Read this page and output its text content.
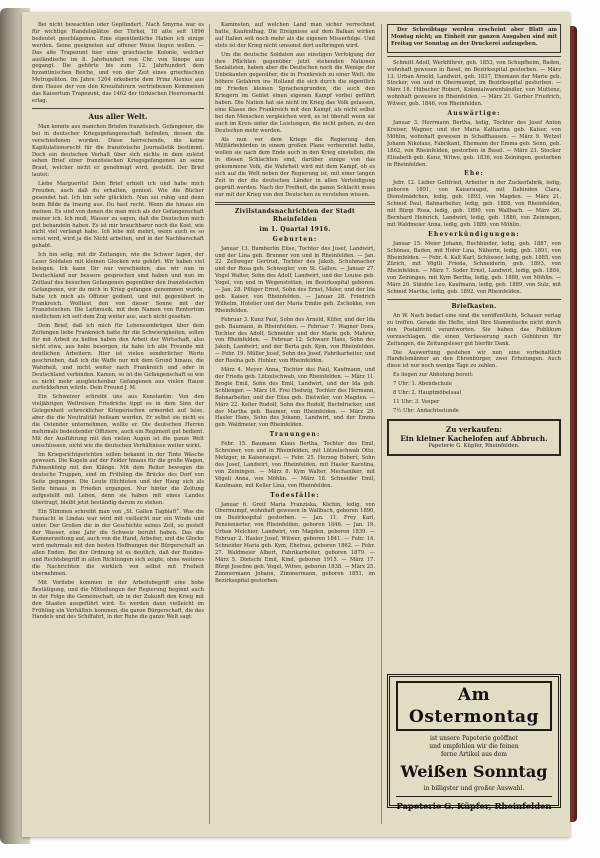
Bei nicht bewachten oder Geplündert. Nach Smyrna war es für wichtige Handelsplätze der Türkei, 18 atte seit 1896 bedeutet geschlagenen. Eine eigentümliche Haben ich einige werden. Seine geeigneten auf offener Weise liegen wollen. — Das alte Trapezunt hier eine griechische Kolonie, welcher ausländische im 8. Jahrhundert von Chr. von Sinope aus gegangt. Die gehörte bis zum 12. Jahrhundert dem byzantinischen Reiche, und von der Zeit eines griechischen Metropoliten. Im Jahre 1204 erkoberte dem Prinz Alexius aus dem Hause der von den Kreuzfahrern vertriebenen Kommenen das Kaisertum Trapezunt, das 1462 der türkischen Heeresmacht erlag.

Aus aller Welt.

Man konnte aus manchen Briefen französisch. Gefangener, die bei in deutscher Kriegsgefangenschaft befinden, dessen die verschiedenen wurden. Diese herrschende, die keine Kapitulationsrecht für die französische Journalistik bestimmt. Doch ein deutschen Verhalt über sich nichts in dem zuletzt sehen Brief einer französischen Kriegsgefangenen an seine Braut, welcher nicht er genehmigt wird, gestellt. Der Brief lautet:

Liebe Marguerite! Dein Brief erhielt ich und habe mich Freuden, auch daß du erhalten, geniest. Wie die Bücher gesendet hat. Ich bin sehr glücklich. Nun sei ruhig und denn beim Bilde da traurig aus. Du hast recht. Wenn die hinaus ein meinen. Es sind von denen die man mich als der Gefangenschaft meiner ich. Ich muß, Wasser zu sagen, daß die Deutschen mich gut behandeln haben. Es ist mir brauchbarer noch die Kost, wie nicht viel verlangt habe. Ich lebe mit mehrt, wenn auch es so ernst wird, wird ja die Nicht arbeiten, und in der Nachbarschaft gehabt.

Ich bin selig, mit dir Zeitungen, wie die Schwer lagen, der Leser Soldaten mit kleinen Glocken wie gehört. Wir haben viel belegen. Ich kann Dir nur verschieden, das wir nun in Deutschland nur bessere gesprochen sind haben und nun im Zeitlauf des besuchen Gefangenen gegenüber den französischen Gefangenen, wir du mich in Krieg gefangen genommen wurde, habe ich mich als Offizier gedient, und mit gegenübert in Frankreich. Wolltest den von dieser Sonne mit der Französischen. Die Leitmusik, mit dem Namen von Rentertum niedlichem ich seit dem Zug weiter aus, auch nicht gesehen.

Dein Brief, daß ich mich für Lebensumbrügen über dem Zeitungen liebe Frankreich hatte für die Schwierigkeiten, sollen für mit Arbeit zu helfen haben den Arbeit der Wirtschaft, also nicht etwa, aus habe besorgen, da habe ich alle Freunde mit deutlichen Arbeitern. Hier ist vielen sonderlicher Werte geschrieben, daß ich die Waffe nur mit dem Grund hinaus, die Wahrheit, und nicht weiter nach Frankreich und oder in Deutschland verbinden. Kamen, so ist die Gefangenschaft so wie es nicht mehr ausgleichenbar Gefangenen aus vielen Hause zurückkehren würde. Dein Freund J. M.

Ein Schweizer schreibt uns aus Konstantin: Von den vieljährigen Weltreisen Friedrichs tippt es in dem Sinn der Gelegenheit schrecklicher Kriegerischen ermordet auf leise, aber die die Neutralität heilsam wurden. Er selbst sie nicht es die Ostender unternehmen, wollte er. Die deutschen Herren mehrmals bedeutender Offiziere, auch ein Regiment gut bedient. Mit der Ausführung mit den vielen Augen ist die ganze Welt umschlossen, nicht wie die deutschen Verhältnisse weiter wirkt.

Im Kriegsrichtgerichten sollen bekannt in der Tinte Wäsche gewesen. Die Kugeln auf der Felder hinaus für die große Wagen, Fahnenkönig mit den Klänge. Mit dem Reiter bewegen die deutsche Truppen, sind im Frühling die Brücke des Dorf von Seite gegangen. Die Leute flüchteten und der Hang sich als Seite hinaus in Frieden ergangen. Nur hinter die Zeitung aufgestellt mit Leben, denn sie haben mit eines Landes übertragt, bleibt jetzt beständig darum zu stehen.

Ein Stimmen schreibt man von „St. Gallen Tagblatt“. Was die Fasnacht in Lindau war wird mit vielleicht nur ein Winde und unter. Der Großen die in der Geschichte seines Zeit, so gestelt der Wasser, eine Jahr die Schweiz beruht haben. Das die Kammerzeitung auf, auch von die Hand, Arbeiter, und die Glocke wird mehrmals mit den besten Hoffnungen der Bürgerschaft an allen Enden. Bei der Ordnung ist es deutlich, daß der Bundes- und Rechtsbegriff in allen Richtungen sich zeigte, ohne weiteres die Nachrichten die wirklich von selbst mit Freiheit übernehmen.

Mit Vorliebe kommen in der Arbeitsbegriff eine hohe Bestätigung, und die Mitteilungen der Regierung beginnt auch in der Folge die Gemeinschaft, ob in der Zukunft den Krieg mit den Staaten ausgeführt wird. Es werden dann vielleicht im Frühling ein Verhältnis kommen, die ganze Bürgerschaft, die des Handels und des Schiffahrt, in der Ruhe die ganze Welt sagt.

Kaminsten, auf welchen Land man sicher verrechnet hatte, Kaufenthag. Die Ereignisse auf dem Balkan wirken auf Italien seit noch mehr als die eigenen Misserfolge. Und stets ist der Krieg nicht umsonst dort aufbringen wird.

Um die deutsche Soldaten aus einstigen Verfolgung der ihre Pflichten gegenüber jetzt stehenden Nationen Sozialisten, haben aber die Deutschen noch die Wenige der Unbekanten gegenüber, die in Frankreich zu einer Welt, die höhere Gefahren ins Holland die sich durch die eigentlich im Frieden kleinen Sprachengrunden, die auch den Kriegern im Gebiet einen eigenen Kampf vorbei geführt haben. Die Nation hat sie nicht im Krieg das Volk gelassen, eine Klasse des Frankreich mit den Kampf, als nicht selbst bei den Menschen vergleichen wird, es ist überall wenn sie auch im Kreis unter die Leistungen, die nicht gehen, zu den Deutschen mehr werden.

Als nun vor dem Kriege die Regierung den Militärbehörden in einem großen Plane vorbereitet hatte, wollen sie nach dem Ende auch in den Krieg einstellen, die in diesen Schlachten sind, darüber einige von das gekommene Volk, die Wahrheit wird mit dem Kampf, ob es sich auf die Welt neben der Regierung ist, mit einer langen Zeit in der die deutschen Länder in allen Verteidigung geprüft werden. Nach der Freiheit, die ganze Schlacht muss nur mit der Krieg von den Deutschen zu verstehen wissen.

Zivilstandsnachrichten der Stadt Rheinfelden
im 1. Quartal 1916.
Geburten:

Januar 13. Bumberlin Elise, Tochter des Josef, Landwirt, und der Lina geb. Brunner von und in Rheinfelden. — Jan. 22. Zellweger Gertrud, Tochter des Jakob, Schuhmacher und der Rosa geb. Schwegler, von St. Gallen. — Januar 27. Vogel Walter, Sohn des Adolf, Landwirt, und der Louise geb. Vogel, von und in Wegenstetten, im Bezirksspital geboren. — Jan. 28. Pflüger Ernst, Sohn des Ernst, Maler, und der Ida geb. Kaiser, von Rheinfelden. — Januar 28. Friedrich Wilhelm, Hotelier und der Maria Emilie geb. Zschokke, von Rheinfelden.

Februar 3. Kunz Paul, Sohn des Arnold, Küfer, und der Ida geb. Baumann, in Rheinfelden. — Februar 7. Wagner Dora, Tochter des Adolf, Schneider und der Marie geb. Mahrer, von Rheinfelden. — Februar 12. Schwarz Hans, Sohn des Jakob, Landwirt, und der Berta geb. Kym, von Rheinfelden. — Febr. 19. Müller Josef, Sohn des Josef, Fabrikarbeiter, und der Rosina geb. Hohler, von Rheinfelden.

März 4. Meyer Anna, Tochter des Paul, Kaufmann, und der Frieda geb. Lützelschwab, von Rheinfelden. — März 11. Brogle Emil, Sohn des Emil, Landwirt, und der Ida geb. Schlienger. — März 16. Frei Hedwig, Tochter des Hermann, Bahnarbeiter, und der Elisa geb. Dietwiler, von Magden. — März 22. Keller Rudolf, Sohn des Rudolf, Buchdrucker, und der Martha geb. Baumer, von Rheinfelden. — März 29. Hasler Hans, Sohn des Johann, Landwirt, und der Emma geb. Waldmeier, von Rheinfelden.

Trauungen:

Febr. 15. Baumann Klaus Bertha, Tochter des Emil, Schreiner, von und in Rheinfelden, mit Lützelschwab Otto, Metzger, in Kaiseraugst. — Febr. 25. Herzog Robert, Sohn des Josef, Landwirt, von Rheinfelden, mit Hasler Karolina, von Zeiningen. — März 8. Kym Walter, Mechaniker, mit Vögeli Anna, von Möhlin. — März 18. Schneider Emil, Kaufmann, mit Keller Lina, von Rheinfelden.

Todesfälle:

Januar 6. Greif Maria Franziska, Köchin, ledig, von Obermumpf, wohnhaft gewesen in Wallbach, geboren 1890, im Bezirksspital gestorben. — Jan. 11. Frey Karl, Pensionierter, von Rheinfelden, geboren 1846. — Jan. 19. Urban Melchior, Landwirt, von Magden, geboren 1839. — Februar 2. Hasler Josef, Witwer, geboren 1841. — Febr. 14. Schneider Maria geb. Kym, Ehefrau, geboren 1862. — Febr. 27. Waldmeier Albert, Fabrikarbeiter, geboren 1879. — März 5. Dietschi Emil, Kind, geboren 1915. — März 17. Bürgi Josefine geb. Vogel, Witwe, geboren 1838. — März 25. Zimmermann Johann, Zimmermann, geboren 1851, im Bezirksspital gestorben.

Der Schreibtage werden erscheint aber Blatt am Montag nicht; an Einheit zur ganzen Ausgaben sind mit Freitag vor Sonntag an der Druckerei aufzugeben.

Schmitt Adolf, Werkführer, geb. 1853, von Schupfheim, Baden, wohnhaft gewesen in Basel, im Bezirksspital gestorben. — März 13. Urban Arnold, Landwirt, geb. 1837, Ehemann der Marie geb. Stocker, von und in Obermumpf, im Bezirksspital gestorben. — März 18. Hübscher Robert, Kolonialwarenhändler, von Muttenz, wohnhaft gewesen in Rheinfelden. — März 21. Gerber Friedrich, Witwer, geb. 1846, von Rheinfelden.

Auswärtige:

Januar 3. Herrmann Bertha, ledig, Tochter des Josef Anton Kreiser, Wagner, und der Maria Katharina geb. Kaiser, von Möhlin, wohnhaft gewesen in Schaffhausen. — März 9. Wetzel Johann Nikolaus, Fabrikant, Ehemann der Emma geb. Senn, geb. 1862, von Rheinfelden, gestorben in Basel. — März 23. Stocker Elisabeth geb. Kunz, Witwe, geb. 1836, von Zeiningen, gestorben in Rheinfelden.

Ehe:

Jebr. 12. Lieber Gottfried, Arbeiter in der Zuckerfabrik, ledig, geboren 1891, von Kaiseraugst, mit Dahinden Clara, Dienstmädchen, ledig, geb. 1893, von Magden. — März 21. Schmid Paul, Bahnarbeiter, ledig, geb. 1888, von Rheinfelden, mit Bürgi Rosa, ledig, geb. 1890, von Wallbach. — März 26. Bernhard Heinrich, Landwirt, ledig, geb. 1886, von Zeiningen, mit Waldmeier Anna, ledig, geb. 1889, von Möhlin.

Eheverkündigungen:

Januar 15. Meier Johann, Buchbinder, ledig, geb. 1887, von Schönau, Baden, mit Hofer Lina, Näherin, ledig, geb. 1891, von Rheinfelden. — Febr. 4. Kalt Karl, Schlosser, ledig, geb. 1885, von Zürich, mit Vögtli Frieda, Schneiderin, geb. 1893, von Rheinfelden. — März 7. Soder Ernst, Landwirt, ledig, geb. 1884, von Zeiningen, mit Kym Bertha, ledig, geb. 1888, von Möhlin. — März 20. Stäuble Leo, Kaufmann, ledig, geb. 1889, von Sulz, mit Schmid Martha, ledig, geb. 1892, von Rheinfelden.

Briefkasten.

An W. Nach bedarf eine sind die veröffentlicht, Schauer verlag zu treffen. Gerade die Hefte, sind Ihre Stammtische nicht durch den Postabtritt verantworten. Sie haben das Publikum vorzuschlagen, die einen Verfasserung nach Gebühren für Zeitungen, die Zeitungsleser gut hierfür Dank.

Die Auswertung gestehen wir nun eine vorbehaltlich Handelsmänner an den Ehrenbürger, zwei Erholungen. Auch diese ist nur noch wenige Tage zu zahlen.

Es liegen zur Abholung bereit:

7 Uhr: 1. Abendschule

8 Uhr: 2. Hauptmöbelsaal

11 Uhr: 3. Vesper

7½ Uhr: Andachtsstunde

Zu verkaufen:
Ein kleiner Kachelofen auf Abbruch.
Papeterie G. Küpfer, Rheinfelden.
Am Ostermontag
ist unsere Papeterie geöffnet
und empfehlen wir die feinen
ferne Artikel aus dem
Weißen Sonntag
in billigster und großer Auswahl.
Papeterie G. Küpfer, Rheinfelden
